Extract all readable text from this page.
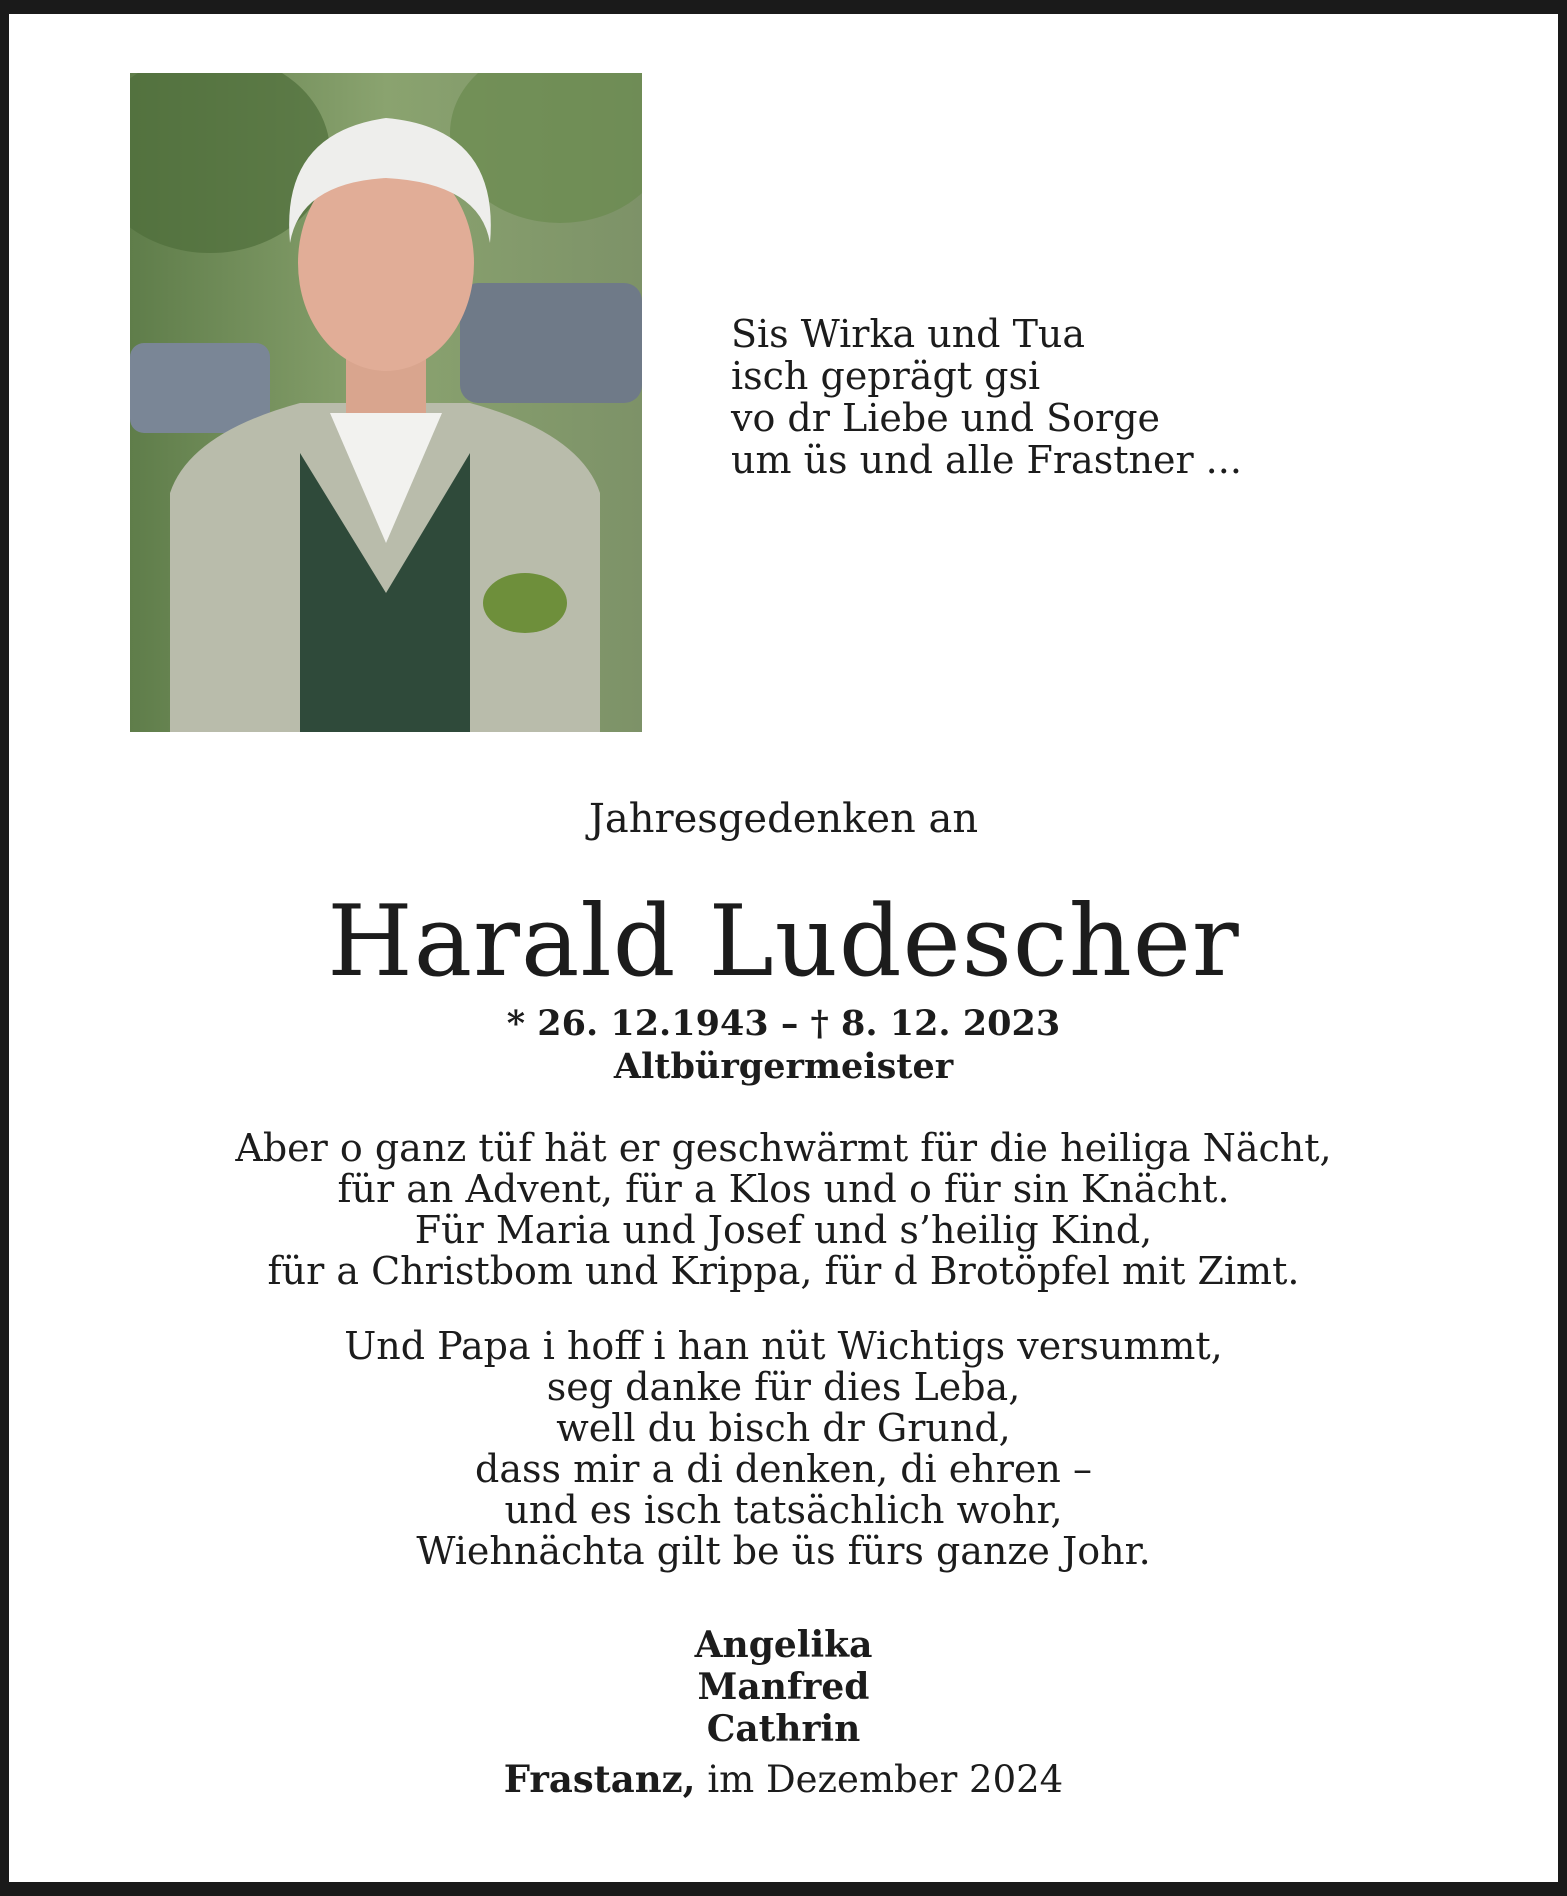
Sis Wirka und Tua
isch geprägt gsi
vo dr Liebe und Sorge
um üs und alle Frastner ...
Jahresgedenken an
Harald Ludescher
* 26. 12.1943 – † 8. 12. 2023
Altbürgermeister
Aber o ganz tüf hät er geschwärmt für die heiliga Nächt,
für an Advent, für a Klos und o für sin Knächt.
Für Maria und Josef und s’heilig Kind,
für a Christbom und Krippa, für d Brotöpfel mit Zimt.
Und Papa i hoff i han nüt Wichtigs versummt,
seg danke für dies Leba,
well du bisch dr Grund,
dass mir a di denken, di ehren –
und es isch tatsächlich wohr,
Wiehnächta gilt be üs fürs ganze Johr.
Angelika
Manfred
Cathrin
Frastanz, im Dezember 2024
